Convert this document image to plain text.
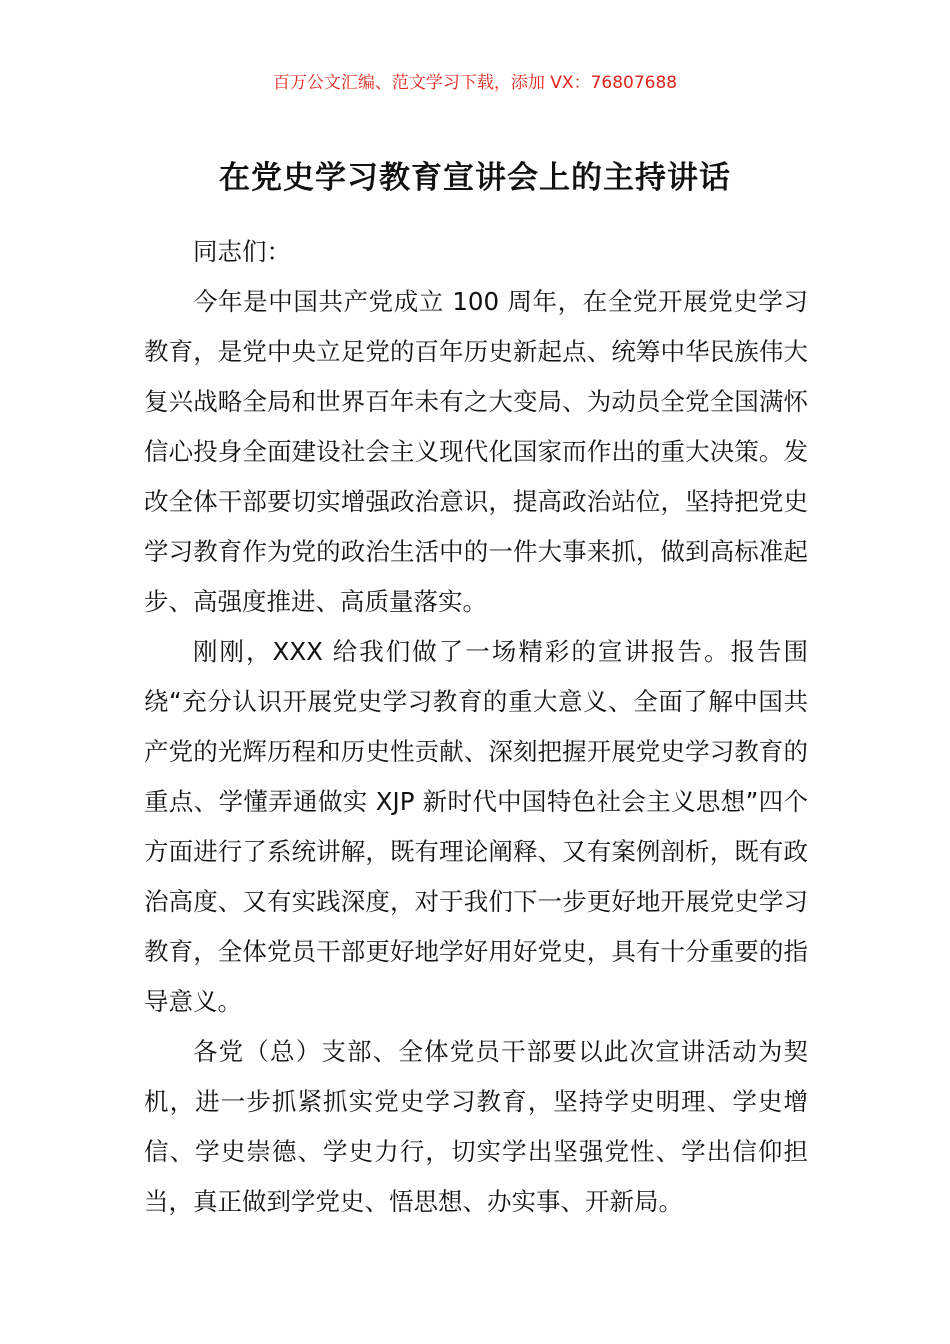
百万公文汇编、范文学习下载，添加 VX：76807688
在党史学习教育宣讲会上的主持讲话

同志们：

今年是中国共产党成立 100 周年，在全党开展党史学习教育，是党中央立足党的百年历史新起点、统筹中华民族伟大复兴战略全局和世界百年未有之大变局、为动员全党全国满怀信心投身全面建设社会主义现代化国家而作出的重大决策。发改全体干部要切实增强政治意识，提高政治站位，坚持把党史学习教育作为党的政治生活中的一件大事来抓，做到高标准起步、高强度推进、高质量落实。

刚刚，XXX 给我们做了一场精彩的宣讲报告。报告围绕“充分认识开展党史学习教育的重大意义、全面了解中国共产党的光辉历程和历史性贡献、深刻把握开展党史学习教育的重点、学懂弄通做实 XJP 新时代中国特色社会主义思想”四个方面进行了系统讲解，既有理论阐释、又有案例剖析，既有政治高度、又有实践深度，对于我们下一步更好地开展党史学习教育，全体党员干部更好地学好用好党史，具有十分重要的指导意义。

各党（总）支部、全体党员干部要以此次宣讲活动为契机，进一步抓紧抓实党史学习教育，坚持学史明理、学史增信、学史崇德、学史力行，切实学出坚强党性、学出信仰担当，真正做到学党史、悟思想、办实事、开新局。
